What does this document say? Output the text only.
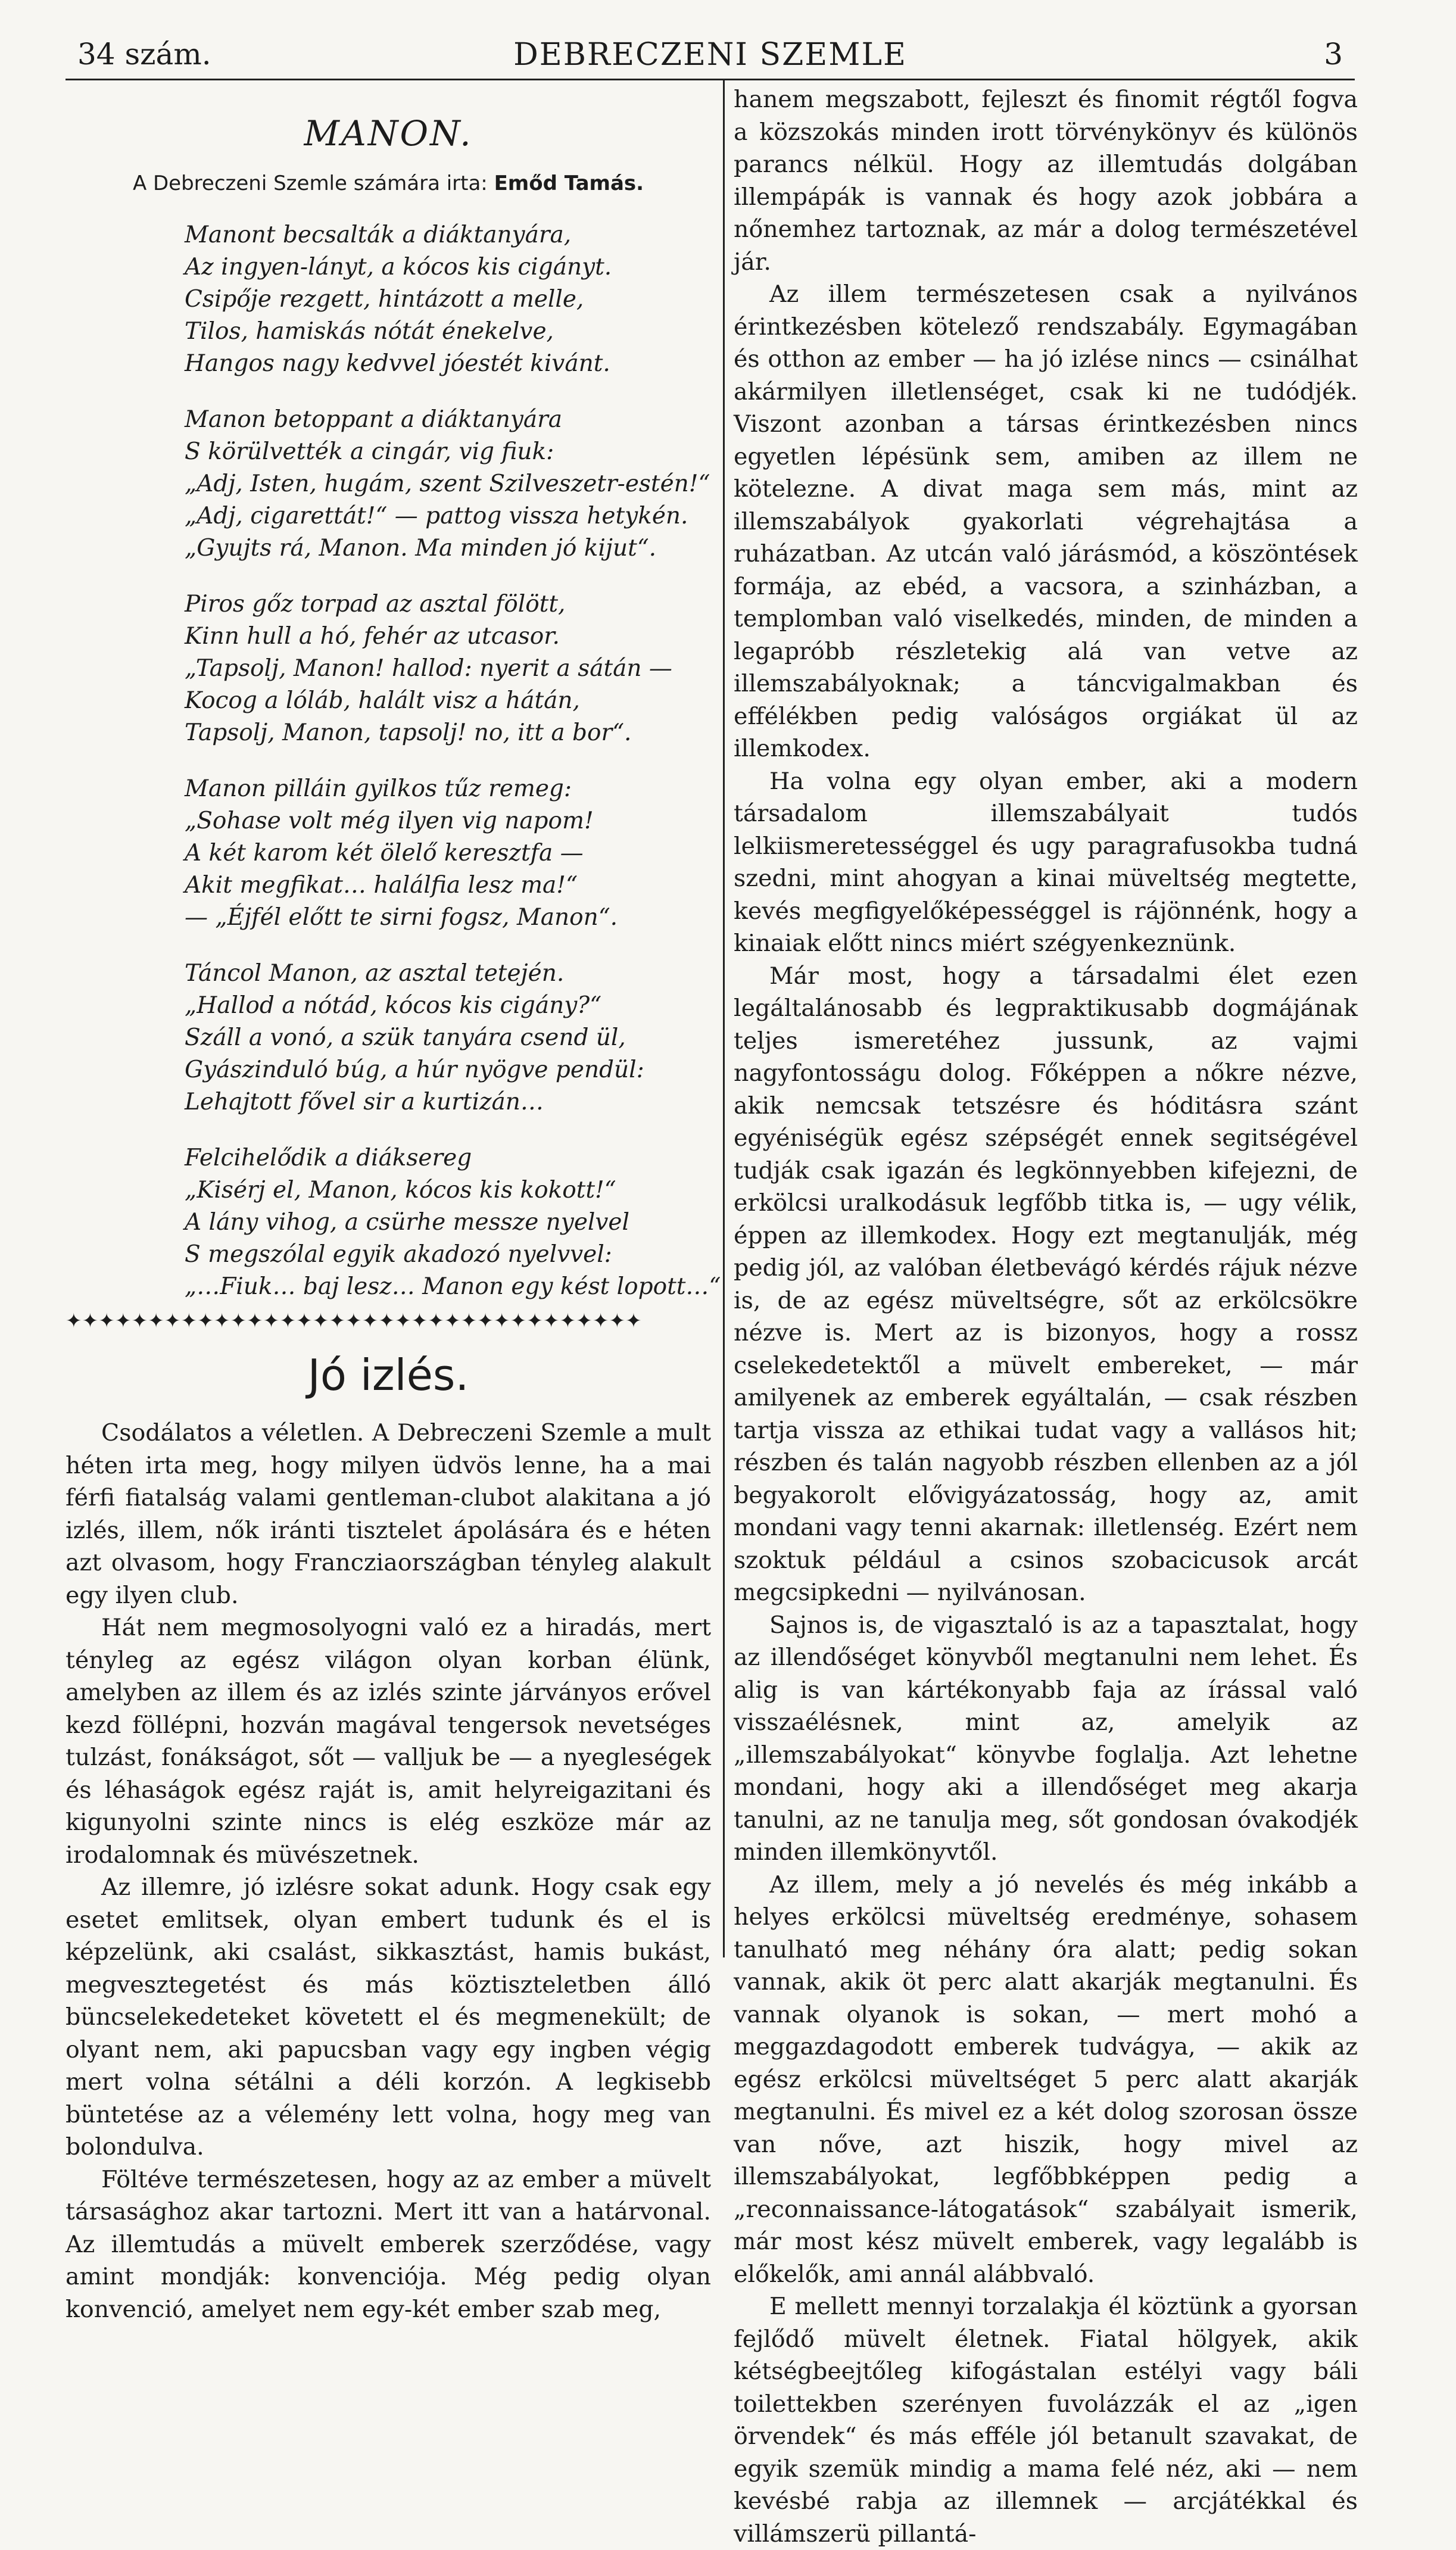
34 szám.	DEBRECZENI SZEMLE	3
MANON.
A Debreczeni Szemle számára irta: Emőd Tamás.
Manont becsalták a diáktanyára,
Az ingyen-lányt, a kócos kis cigányt.
Csipője rezgett, hintázott a melle,
Tilos, hamiskás nótát énekelve,
Hangos nagy kedvvel jóestét kivánt.
Manon betoppant a diáktanyára
S körülvették a cingár, vig fiuk:
„Adj, Isten, hugám, szent Szilveszetr-estén!“
„Adj, cigarettát!“ — pattog vissza hetykén.
„Gyujts rá, Manon. Ma minden jó kijut“.
Piros gőz torpad az asztal fölött,
Kinn hull a hó, fehér az utcasor.
„Tapsolj, Manon! hallod: nyerit a sátán —
Kocog a lóláb, halált visz a hátán,
Tapsolj, Manon, tapsolj! no, itt a bor“.
Manon pilláin gyilkos tűz remeg:
„Sohase volt még ilyen vig napom!
A két karom két ölelő keresztfa —
Akit megfikat… halálfia lesz ma!“
— „Éjfél előtt te sirni fogsz, Manon“.
Táncol Manon, az asztal tetején.
„Hallod a nótád, kócos kis cigány?“
Száll a vonó, a szük tanyára csend ül,
Gyászinduló búg, a húr nyögve pendül:
Lehajtott fővel sir a kurtizán…
Felcihelődik a diáksereg
„Kisérj el, Manon, kócos kis kokott!“
A lány vihog, a csürhe messze nyelvel
S megszólal egyik akadozó nyelvvel:
„…Fiuk… baj lesz… Manon egy kést lopott…“
✦✦✦✦✦✦✦✦✦✦✦✦✦✦✦✦✦✦✦✦✦✦✦✦✦✦✦✦✦✦✦✦✦✦✦
Jó izlés.

Csodálatos a véletlen. A Debreczeni Szemle a mult héten irta meg, hogy milyen üdvös lenne, ha a mai férfi fiatalság valami gentleman-clubot alakitana a jó izlés, illem, nők iránti tisztelet ápolására és e héten azt olvasom, hogy Francziaországban tényleg alakult egy ilyen club.

Hát nem megmosolyogni való ez a hiradás, mert tényleg az egész világon olyan korban élünk, amelyben az illem és az izlés szinte járványos erővel kezd föllépni, hozván magával tengersok nevetséges tulzást, fonákságot, sőt — valljuk be — a nyegleségek és léhaságok egész raját is, amit helyreigazitani és kigunyolni szinte nincs is elég eszköze már az irodalomnak és müvészetnek.

Az illemre, jó izlésre sokat adunk. Hogy csak egy esetet emlitsek, olyan embert tudunk és el is képzelünk, aki csalást, sikkasztást, hamis bukást, megvesztegetést és más köztiszteletben álló büncselekedeteket követett el és megmenekült; de olyant nem, aki papucsban vagy egy ingben végig mert volna sétálni a déli korzón. A legkisebb büntetése az a vélemény lett volna, hogy meg van bolondulva.

Föltéve természetesen, hogy az az ember a müvelt társasághoz akar tartozni. Mert itt van a határvonal. Az illemtudás a müvelt emberek szerződése, vagy amint mondják: konvenciója. Még pedig olyan konvenció, amelyet nem egy-két ember szab meg,

hanem megszabott, fejleszt és finomit régtől fogva a közszokás minden irott törvénykönyv és különös parancs nélkül. Hogy az illemtudás dolgában illempápák is vannak és hogy azok jobbára a nőnemhez tartoznak, az már a dolog természetével jár.

Az illem természetesen csak a nyilvános érintkezésben kötelező rendszabály. Egymagában és otthon az ember — ha jó izlése nincs — csinálhat akármilyen illetlenséget, csak ki ne tudódjék. Viszont azonban a társas érintkezésben nincs egyetlen lépésünk sem, amiben az illem ne kötelezne. A divat maga sem más, mint az illemszabályok gyakorlati végrehajtása a ruházatban. Az utcán való járásmód, a köszöntések formája, az ebéd, a vacsora, a szinházban, a templomban való viselkedés, minden, de minden a legapróbb részletekig alá van vetve az illemszabályoknak; a táncvigalmakban és effélékben pedig valóságos orgiákat ül az illemkodex.

Ha volna egy olyan ember, aki a modern társadalom illemszabályait tudós lelkiismeretességgel és ugy paragrafusokba tudná szedni, mint ahogyan a kinai müveltség megtette, kevés megfigyelőképességgel is rájönnénk, hogy a kinaiak előtt nincs miért szégyenkeznünk.

Már most, hogy a társadalmi élet ezen legáltalánosabb és legpraktikusabb dogmájának teljes ismeretéhez jussunk, az vajmi nagyfontosságu dolog. Főképpen a nőkre nézve, akik nemcsak tetszésre és hóditásra szánt egyéniségük egész szépségét ennek segitségével tudják csak igazán és legkönnyebben kifejezni, de erkölcsi uralkodásuk legfőbb titka is, — ugy vélik, éppen az illemkodex. Hogy ezt megtanulják, még pedig jól, az valóban életbevágó kérdés rájuk nézve is, de az egész müveltségre, sőt az erkölcsökre nézve is. Mert az is bizonyos, hogy a rossz cselekedetektől a müvelt embereket, — már amilyenek az emberek egyáltalán, — csak részben tartja vissza az ethikai tudat vagy a vallásos hit; részben és talán nagyobb részben ellenben az a jól begyakorolt elővigyázatosság, hogy az, amit mondani vagy tenni akarnak: illetlenség. Ezért nem szoktuk például a csinos szobacicusok arcát megcsipkedni — nyilvánosan.

Sajnos is, de vigasztaló is az a tapasztalat, hogy az illendőséget könyvből megtanulni nem lehet. És alig is van kártékonyabb faja az írással való visszaélésnek, mint az, amelyik az „illemszabályokat“ könyvbe foglalja. Azt lehetne mondani, hogy aki a illendőséget meg akarja tanulni, az ne tanulja meg, sőt gondosan óvakodjék minden illemkönyvtől.

Az illem, mely a jó nevelés és még inkább a helyes erkölcsi müveltség eredménye, sohasem tanulható meg néhány óra alatt; pedig sokan vannak, akik öt perc alatt akarják megtanulni. És vannak olyanok is sokan, — mert mohó a meggazdagodott emberek tudvágya, — akik az egész erkölcsi müveltséget 5 perc alatt akarják megtanulni. És mivel ez a két dolog szorosan össze van nőve, azt hiszik, hogy mivel az illemszabályokat, legfőbbképpen pedig a „reconnaissance-látogatások“ szabályait ismerik, már most kész müvelt emberek, vagy legalább is előkelők, ami annál alábbvaló.

E mellett mennyi torzalakja él köztünk a gyorsan fejlődő müvelt életnek. Fiatal hölgyek, akik kétségbeejtőleg kifogástalan estélyi vagy báli toilettekben szerényen fuvolázzák el az „igen örvendek“ és más efféle jól betanult szavakat, de egyik szemük mindig a mama felé néz, aki — nem kevésbé rabja az illemnek — arcjátékkal és villámszerü pillantá-
